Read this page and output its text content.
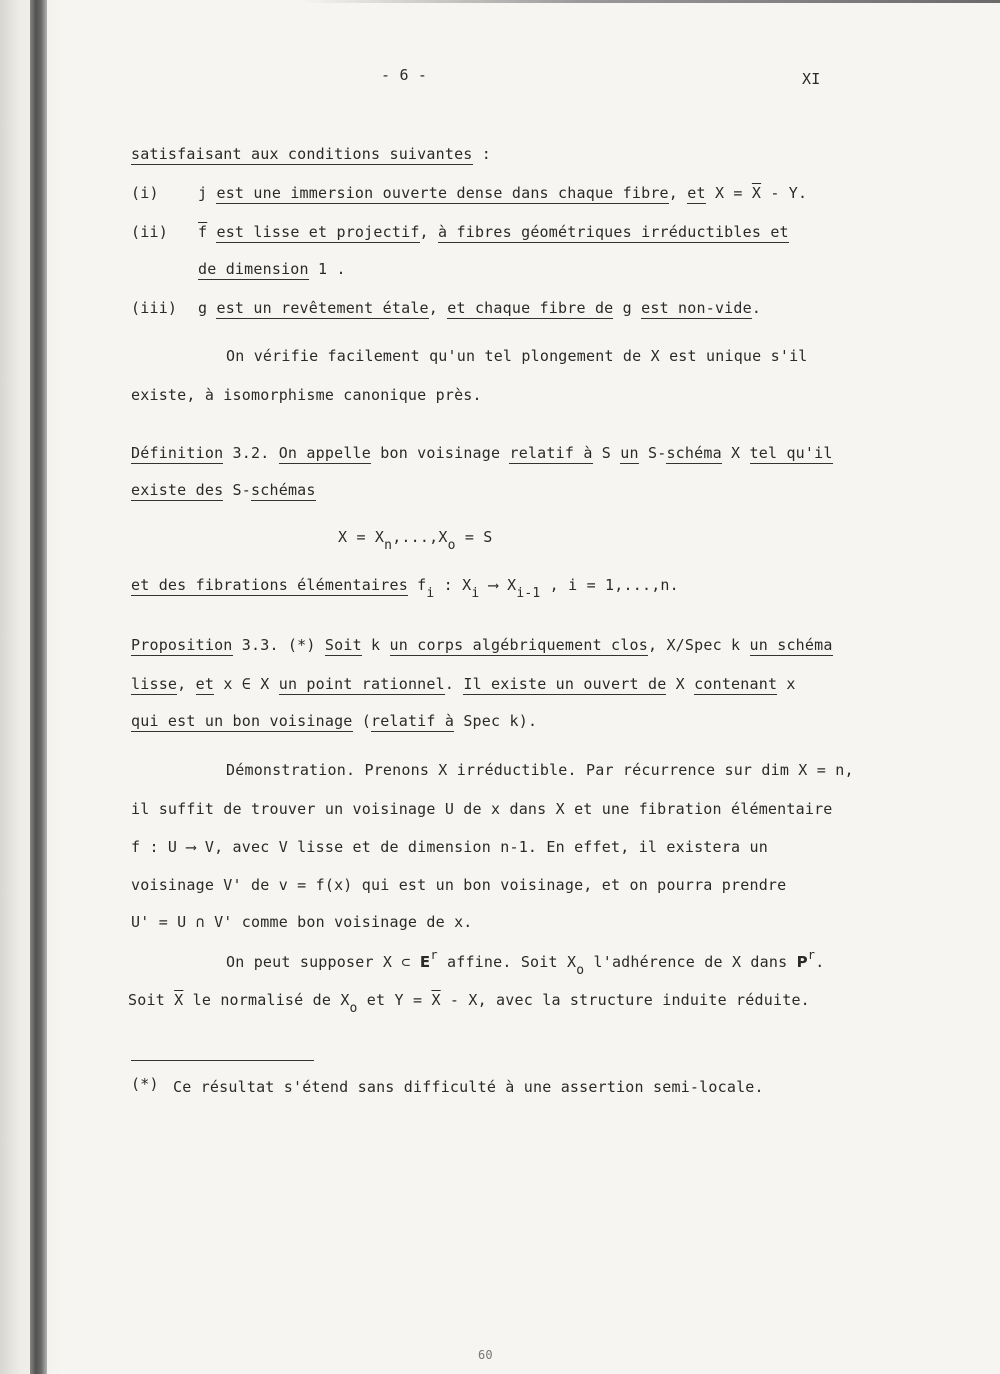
- 6 -	XI
satisfaisant aux conditions suivantes :
(i)	j est une immersion ouverte dense dans chaque fibre, et $X = \overline{X} - Y$.
(ii) $\overline{f}$ est lisse et projectif, à fibres géométriques irréductibles et
de dimension 1 .
(iii) g est un revêtement étale, et chaque fibre de g est non-vide.
On vérifie facilement qu'un tel plongement de X est unique s'il
existe, à isomorphisme canonique près.
Définition 3.2. On appelle bon voisinage relatif à S un S-schéma X tel qu'il
existe des S-schémas
X = Xn,...,Xo = S
et des fibrations élémentaires fi : Xi ⟶ Xi-1 , i = 1,...,n.
Proposition 3.3. (*) Soit k un corps algébriquement clos, X/Spec k un schéma
lisse, et x ∈ X un point rationnel. Il existe un ouvert de X contenant x
qui est un bon voisinage (relatif à Spec k).
Démonstration. Prenons X irréductible. Par récurrence sur dim X = n,
il suffit de trouver un voisinage U de x dans X et une fibration élémentaire
f : U ⟶ V, avec V lisse et de dimension n-1. En effet, il existera un
voisinage V' de v = f(x) qui est un bon voisinage, et on pourra prendre
U' = U ∩ V' comme bon voisinage de x.
On peut supposer X ⊂ $E^r$ affine. Soit Xo l'adhérence de X dans $P^r$.
Soit $\overline{X}$ le normalisé de Xo et $Y = \overline{X} - X$, avec la structure induite réduite.
(*) Ce résultat s'étend sans difficulté à une assertion semi-locale.
60
